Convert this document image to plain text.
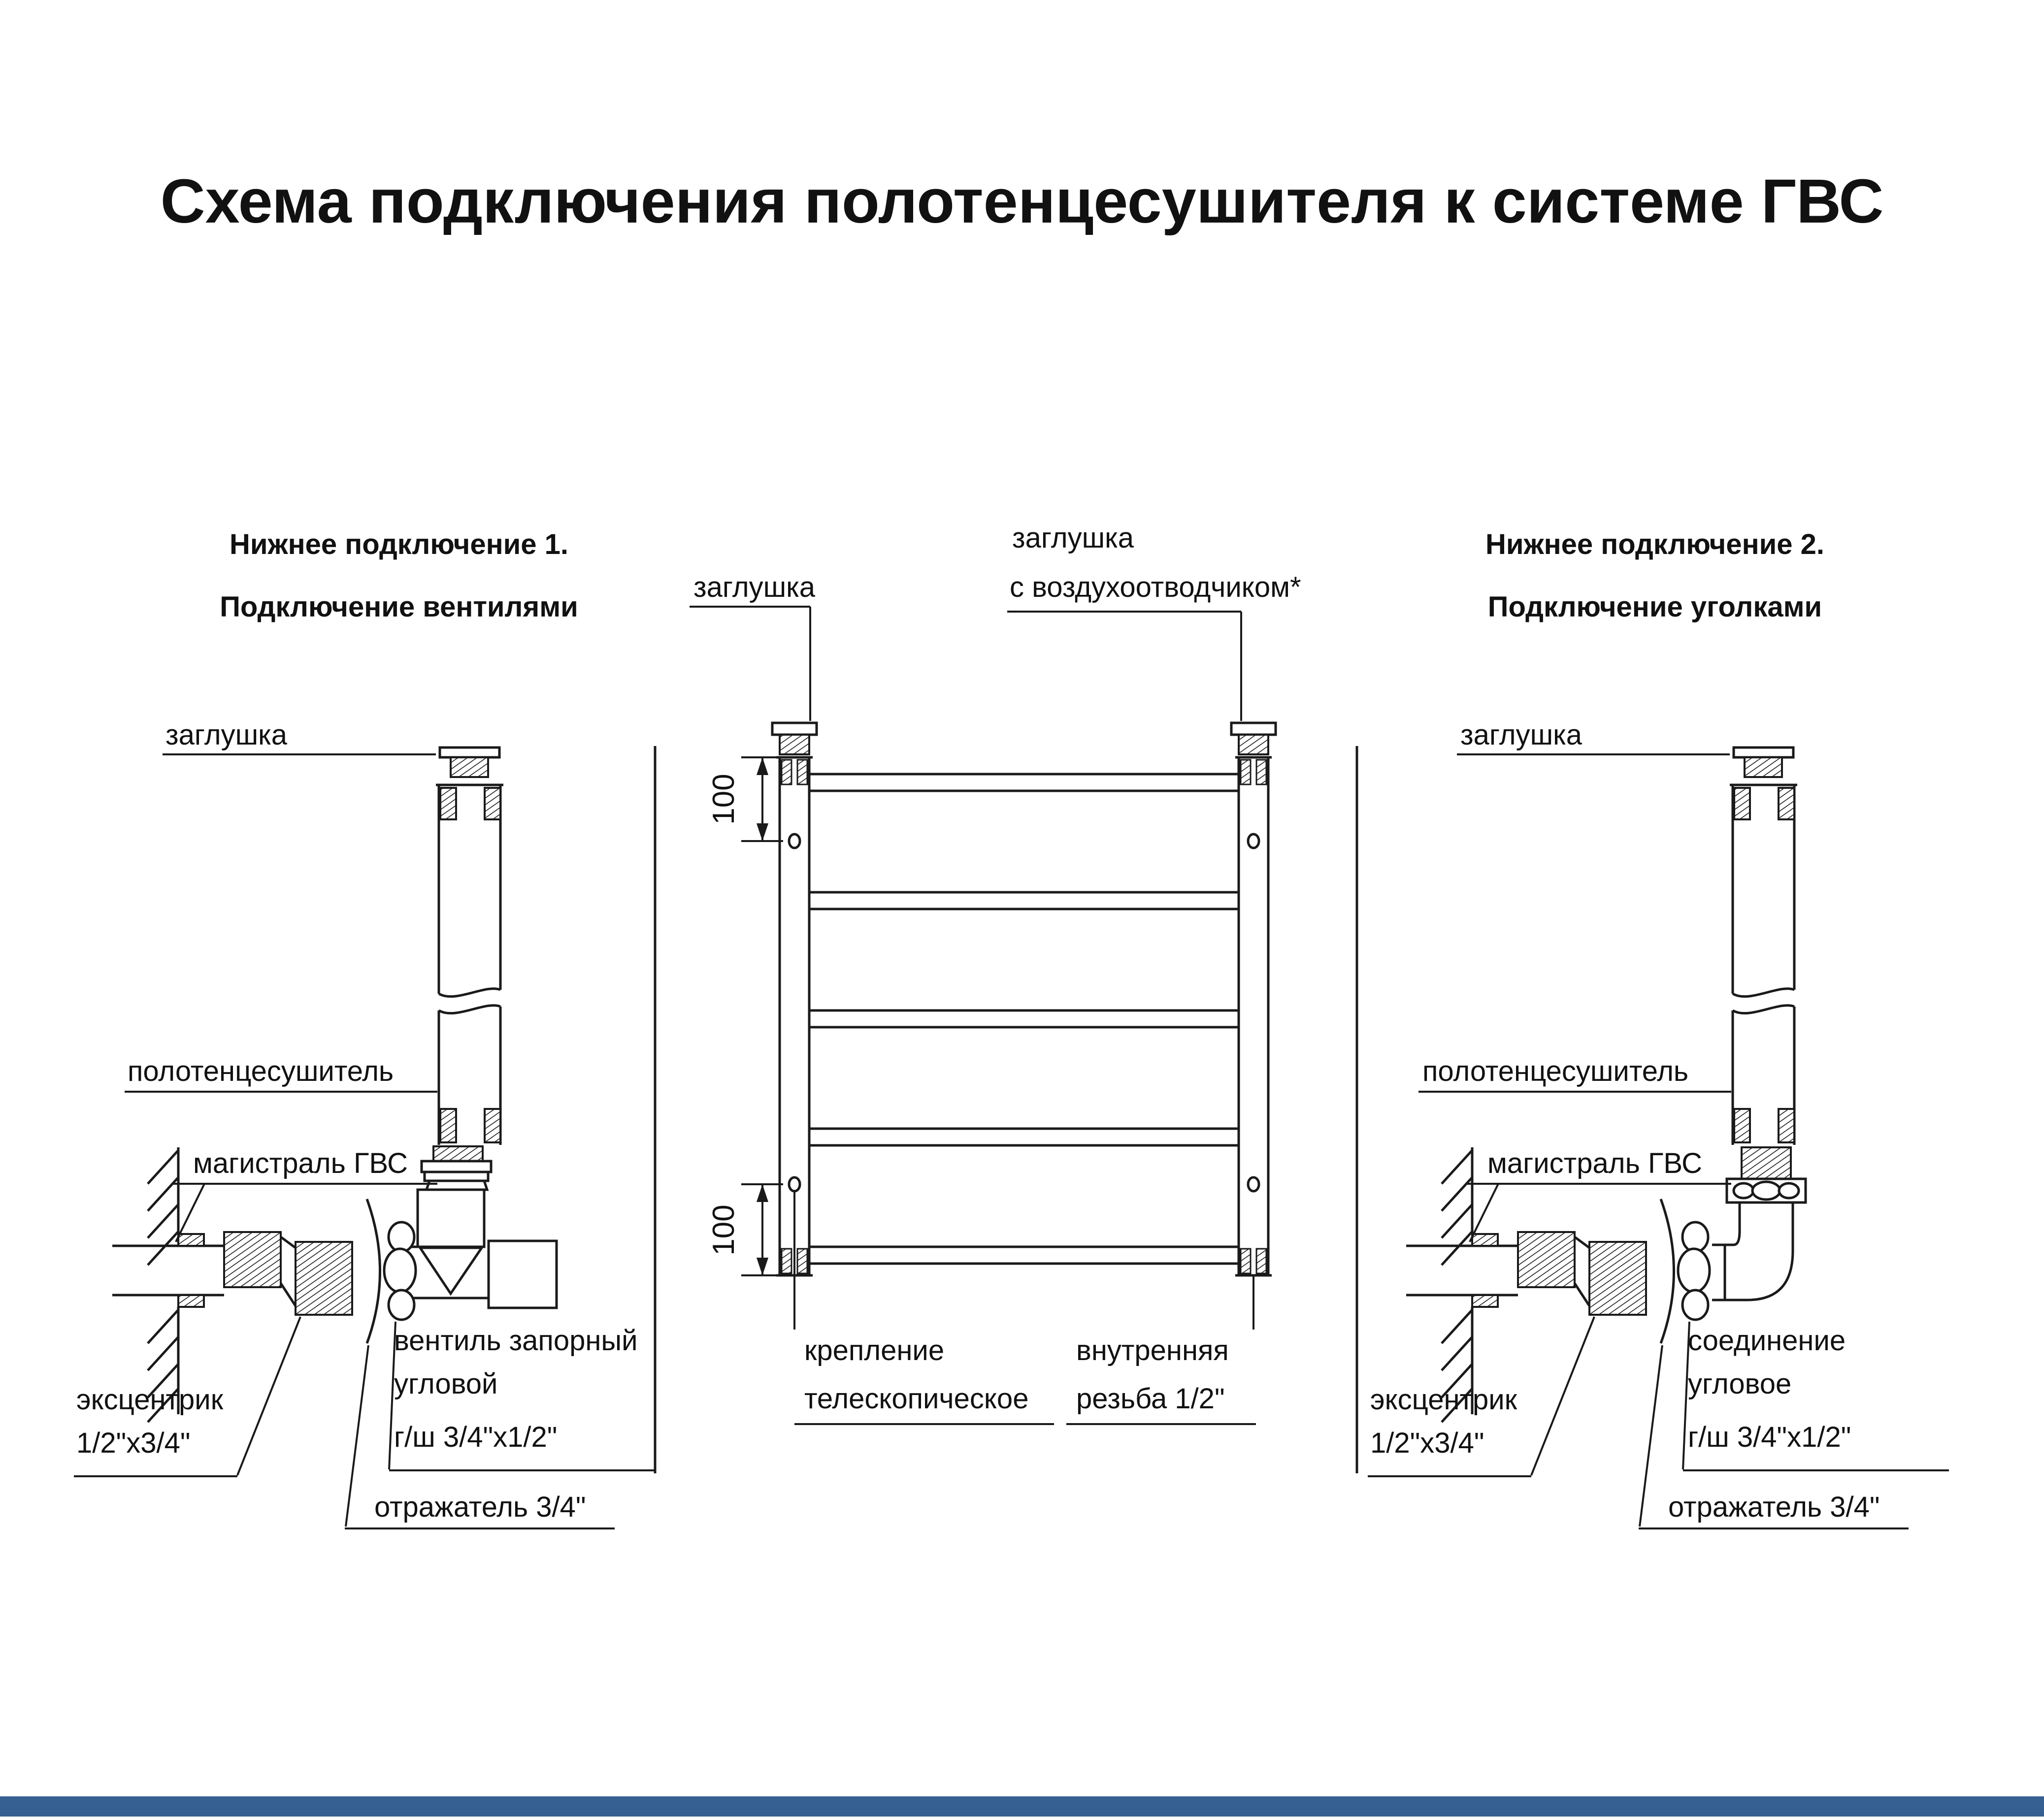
Схема подключения полотенцесушителя к системе ГВС
Нижнее подключение 1.
Подключение вентилями
Нижнее подключение 2.
Подключение уголками
заглушка
полотенцесушитель
магистраль ГВС
эксцентрик
1/2"x3/4"
вентиль запорный
угловой
г/ш 3/4"x1/2"
отражатель 3/4"
заглушка
заглушка
с воздухоотводчиком*
100
100
крепление
телескопическое
внутренняя
резьба 1/2"
заглушка
полотенцесушитель
магистраль ГВС
эксцентрик
1/2"x3/4"
соединение
угловое
г/ш 3/4"x1/2"
отражатель 3/4"
